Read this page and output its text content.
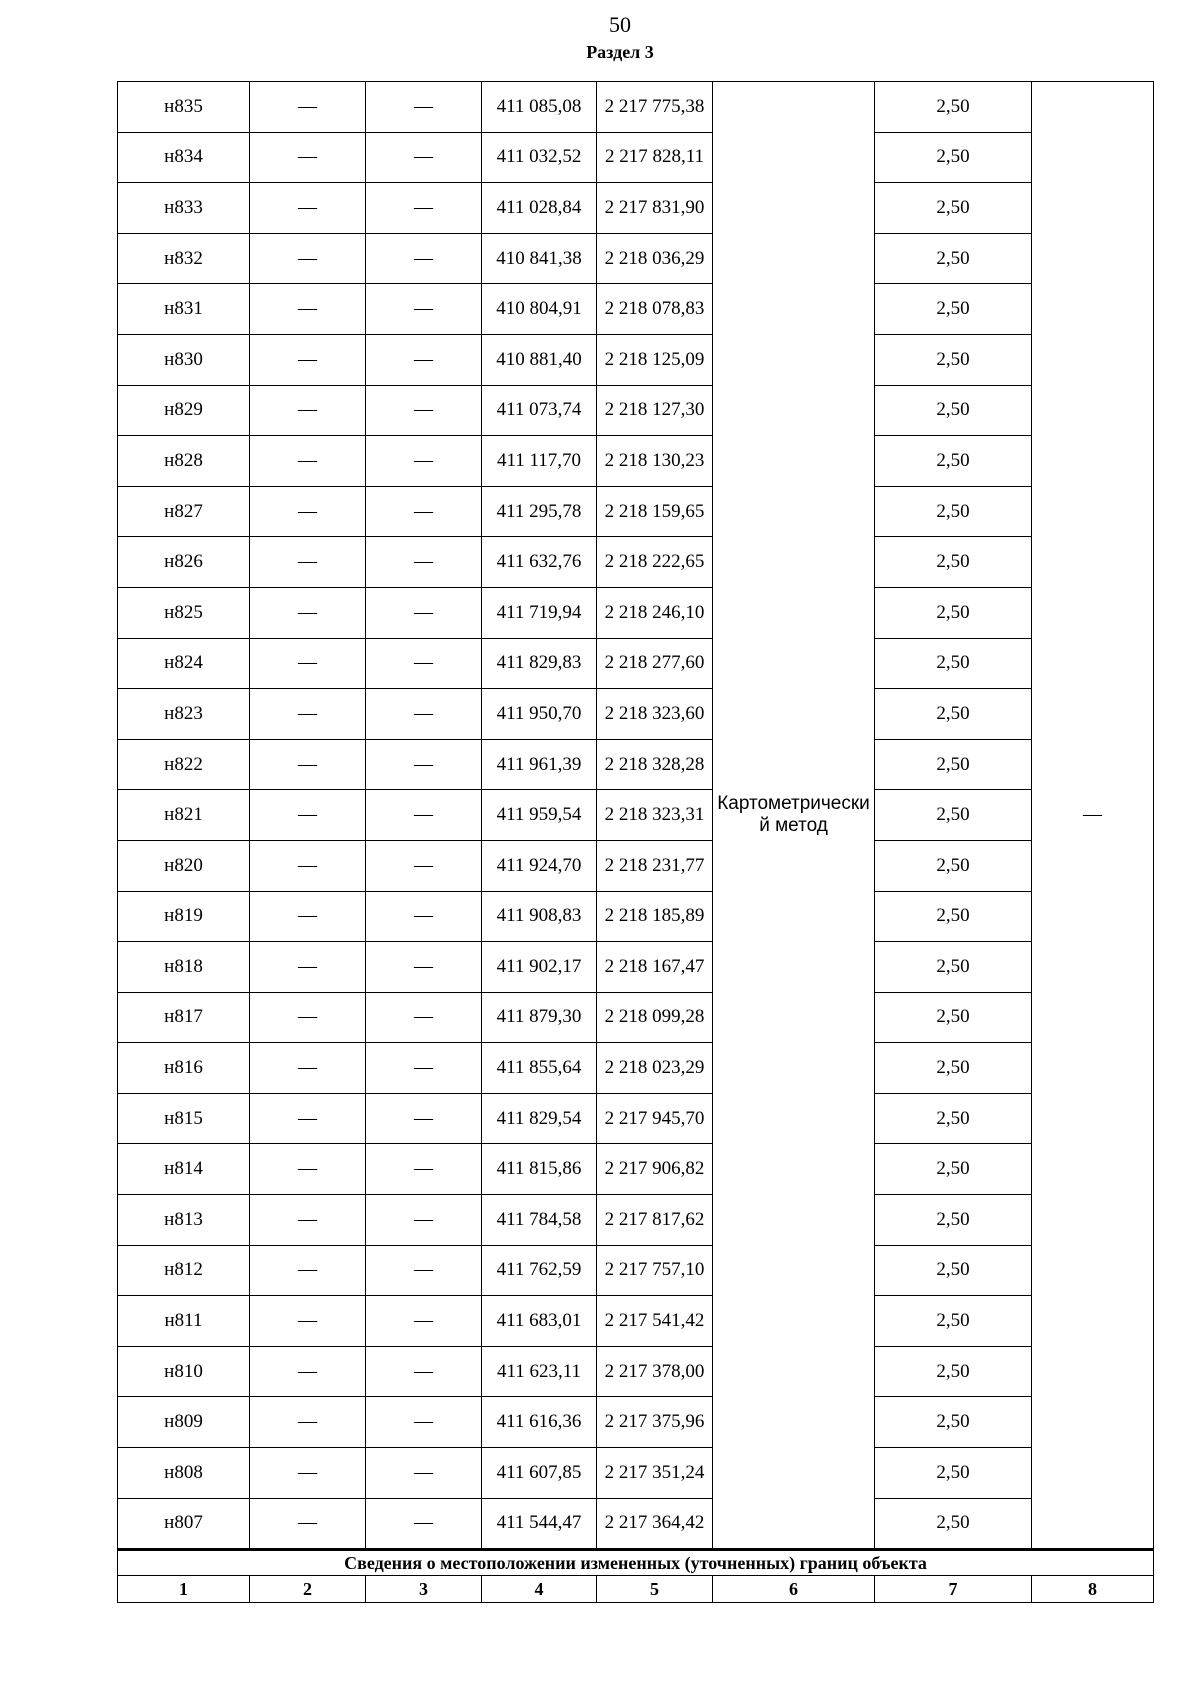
50
Раздел 3
н835	—	—	411 085,08	2 217 775,38	Картометрически й метод	2,50	—
н834	—	—	411 032,52	2 217 828,11		2,50	
н833	—	—	411 028,84	2 217 831,90		2,50	
н832	—	—	410 841,38	2 218 036,29		2,50	
н831	—	—	410 804,91	2 218 078,83		2,50	
н830	—	—	410 881,40	2 218 125,09		2,50	
н829	—	—	411 073,74	2 218 127,30		2,50	
н828	—	—	411 117,70	2 218 130,23		2,50	
н827	—	—	411 295,78	2 218 159,65		2,50	
н826	—	—	411 632,76	2 218 222,65		2,50	
н825	—	—	411 719,94	2 218 246,10		2,50	
н824	—	—	411 829,83	2 218 277,60		2,50	
н823	—	—	411 950,70	2 218 323,60		2,50	
н822	—	—	411 961,39	2 218 328,28		2,50	
н821	—	—	411 959,54	2 218 323,31		2,50	
н820	—	—	411 924,70	2 218 231,77		2,50	
н819	—	—	411 908,83	2 218 185,89		2,50	
н818	—	—	411 902,17	2 218 167,47		2,50	
н817	—	—	411 879,30	2 218 099,28		2,50	
н816	—	—	411 855,64	2 218 023,29		2,50	
н815	—	—	411 829,54	2 217 945,70		2,50	
н814	—	—	411 815,86	2 217 906,82		2,50	
н813	—	—	411 784,58	2 217 817,62		2,50	
н812	—	—	411 762,59	2 217 757,10		2,50	
н811	—	—	411 683,01	2 217 541,42		2,50	
н810	—	—	411 623,11	2 217 378,00		2,50	
н809	—	—	411 616,36	2 217 375,96		2,50	
н808	—	—	411 607,85	2 217 351,24		2,50	
н807	—	—	411 544,47	2 217 364,42		2,50	
Сведения о местоположении измененных (уточненных) границ объекта							
1	2	3	4	5	6	7	8
